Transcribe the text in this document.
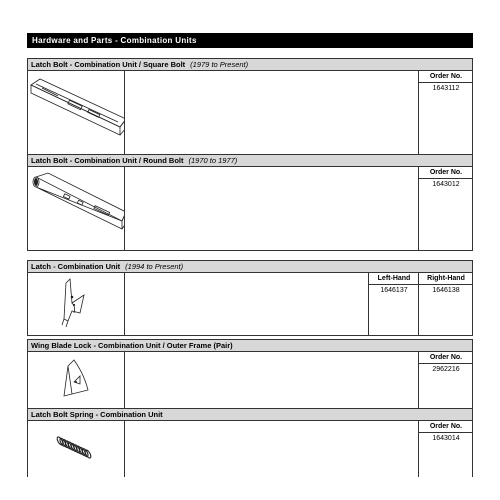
Hardware and Parts - Combination Units
Latch Bolt - Combination Unit / Square Bolt (1979 to Present)
Order No.
1643112
Latch Bolt - Combination Unit / Round Bolt (1970 to 1977)
Order No.
1643012
Latch - Combination Unit (1994 to Present)
Left-Hand
1646137
Right-Hand
1646138
Wing Blade Lock - Combination Unit / Outer Frame (Pair)
Order No.
2962216
Latch Bolt Spring - Combination Unit
Order No.
1643014
